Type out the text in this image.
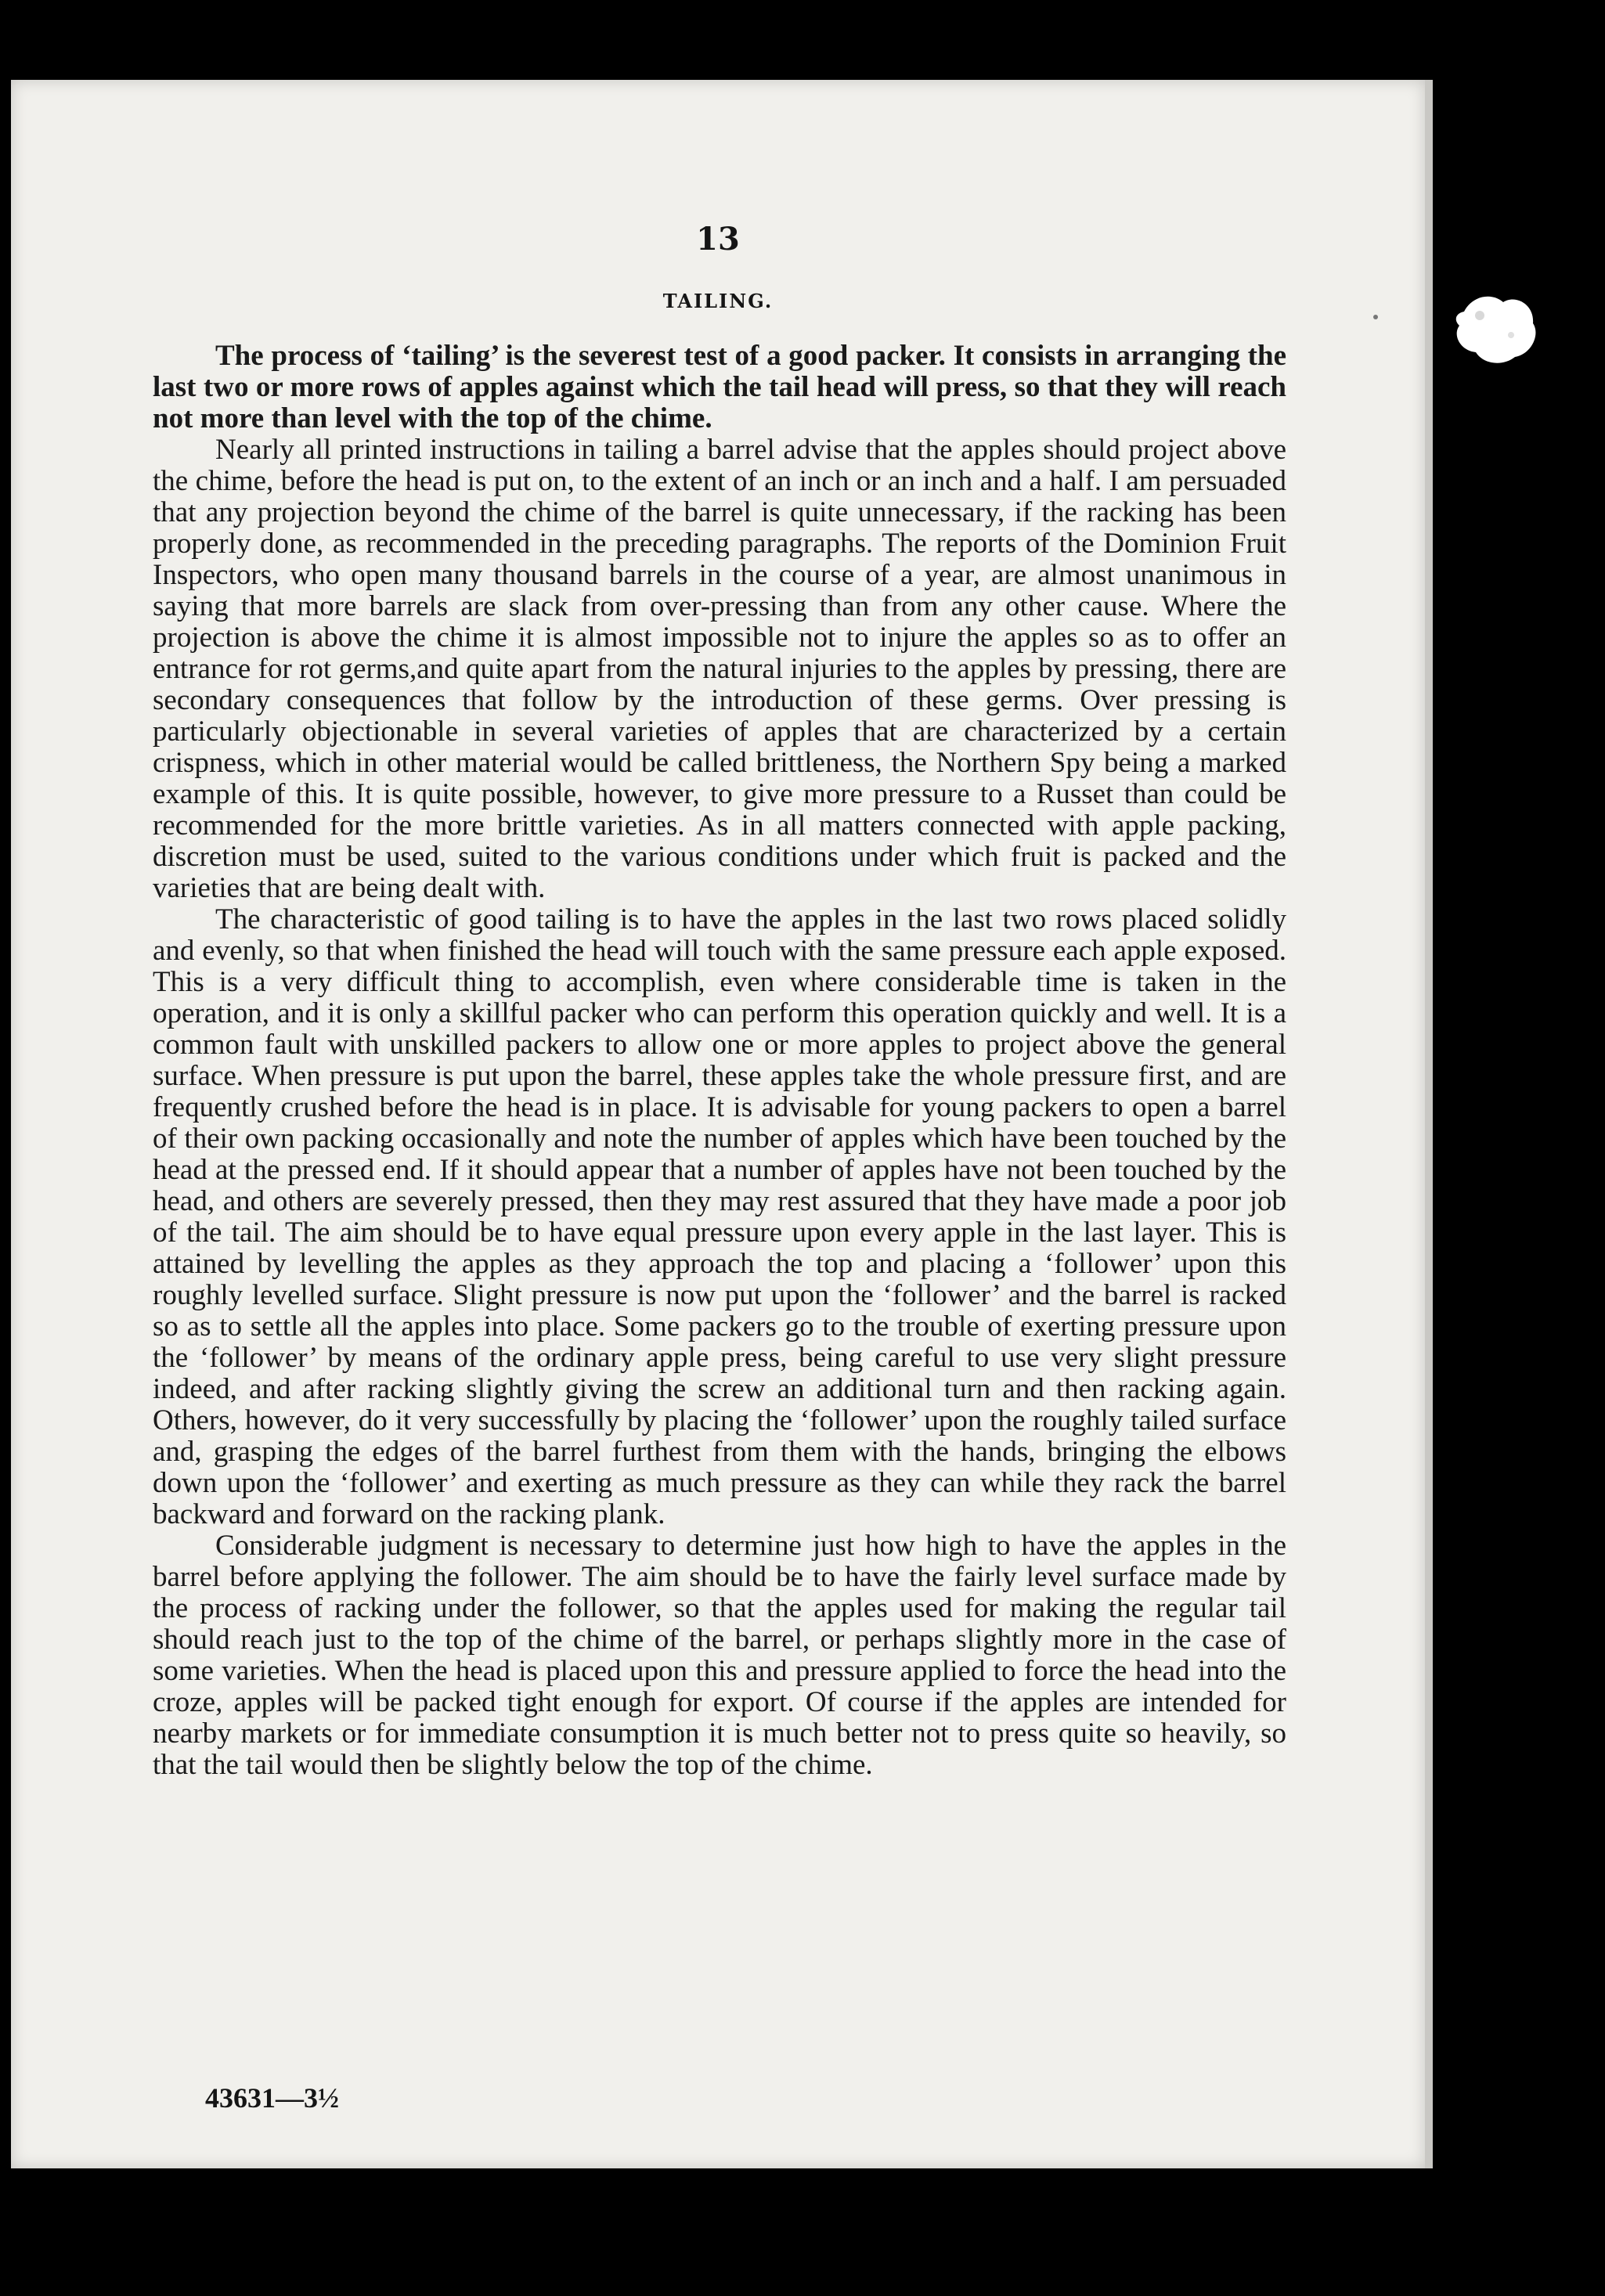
13
TAILING.

The process of ‘tailing’ is the severest test of a good packer. It consists in arranging the last two or more rows of apples against which the tail head will press, so that they will reach not more than level with the top of the chime.

Nearly all printed instructions in tailing a barrel advise that the apples should project above the chime, before the head is put on, to the extent of an inch or an inch and a half. I am persuaded that any projection beyond the chime of the barrel is quite unnecessary, if the racking has been properly done, as recommended in the preceding paragraphs. The reports of the Dominion Fruit Inspectors, who open many thousand barrels in the course of a year, are almost unanimous in saying that more barrels are slack from over-pressing than from any other cause. Where the projection is above the chime it is almost impossible not to injure the apples so as to offer an entrance for rot germs,and quite apart from the natural injuries to the apples by pressing, there are secondary consequences that follow by the introduction of these germs. Over pressing is particularly objectionable in several varieties of apples that are characterized by a certain crispness, which in other material would be called brittleness, the Northern Spy being a marked example of this. It is quite possible, however, to give more pressure to a Russet than could be recommended for the more brittle varieties. As in all matters connected with apple packing, discretion must be used, suited to the various conditions under which fruit is packed and the varieties that are being dealt with.

The characteristic of good tailing is to have the apples in the last two rows placed solidly and evenly, so that when finished the head will touch with the same pressure each apple exposed. This is a very difficult thing to accomplish, even where considerable time is taken in the operation, and it is only a skillful packer who can perform this operation quickly and well. It is a common fault with unskilled packers to allow one or more apples to project above the general surface. When pressure is put upon the barrel, these apples take the whole pressure first, and are frequently crushed before the head is in place. It is advisable for young packers to open a barrel of their own packing occasionally and note the number of apples which have been touched by the head at the pressed end. If it should appear that a number of apples have not been touched by the head, and others are severely pressed, then they may rest assured that they have made a poor job of the tail. The aim should be to have equal pressure upon every apple in the last layer. This is attained by levelling the apples as they approach the top and placing a ‘follower’ upon this roughly levelled surface. Slight pressure is now put upon the ‘follower’ and the barrel is racked so as to settle all the apples into place. Some packers go to the trouble of exerting pressure upon the ‘follower’ by means of the ordinary apple press, being careful to use very slight pressure indeed, and after racking slightly giving the screw an additional turn and then racking again. Others, however, do it very successfully by placing the ‘follower’ upon the roughly tailed surface and, grasping the edges of the barrel furthest from them with the hands, bringing the elbows down upon the ‘follower’ and exerting as much pressure as they can while they rack the barrel backward and forward on the racking plank.

Considerable judgment is necessary to determine just how high to have the apples in the barrel before applying the follower. The aim should be to have the fairly level surface made by the process of racking under the follower, so that the apples used for making the regular tail should reach just to the top of the chime of the barrel, or perhaps slightly more in the case of some varieties. When the head is placed upon this and pressure applied to force the head into the croze, apples will be packed tight enough for export. Of course if the apples are intended for nearby markets or for immediate consumption it is much better not to press quite so heavily, so that the tail would then be slightly below the top of the chime.

43631—3½
